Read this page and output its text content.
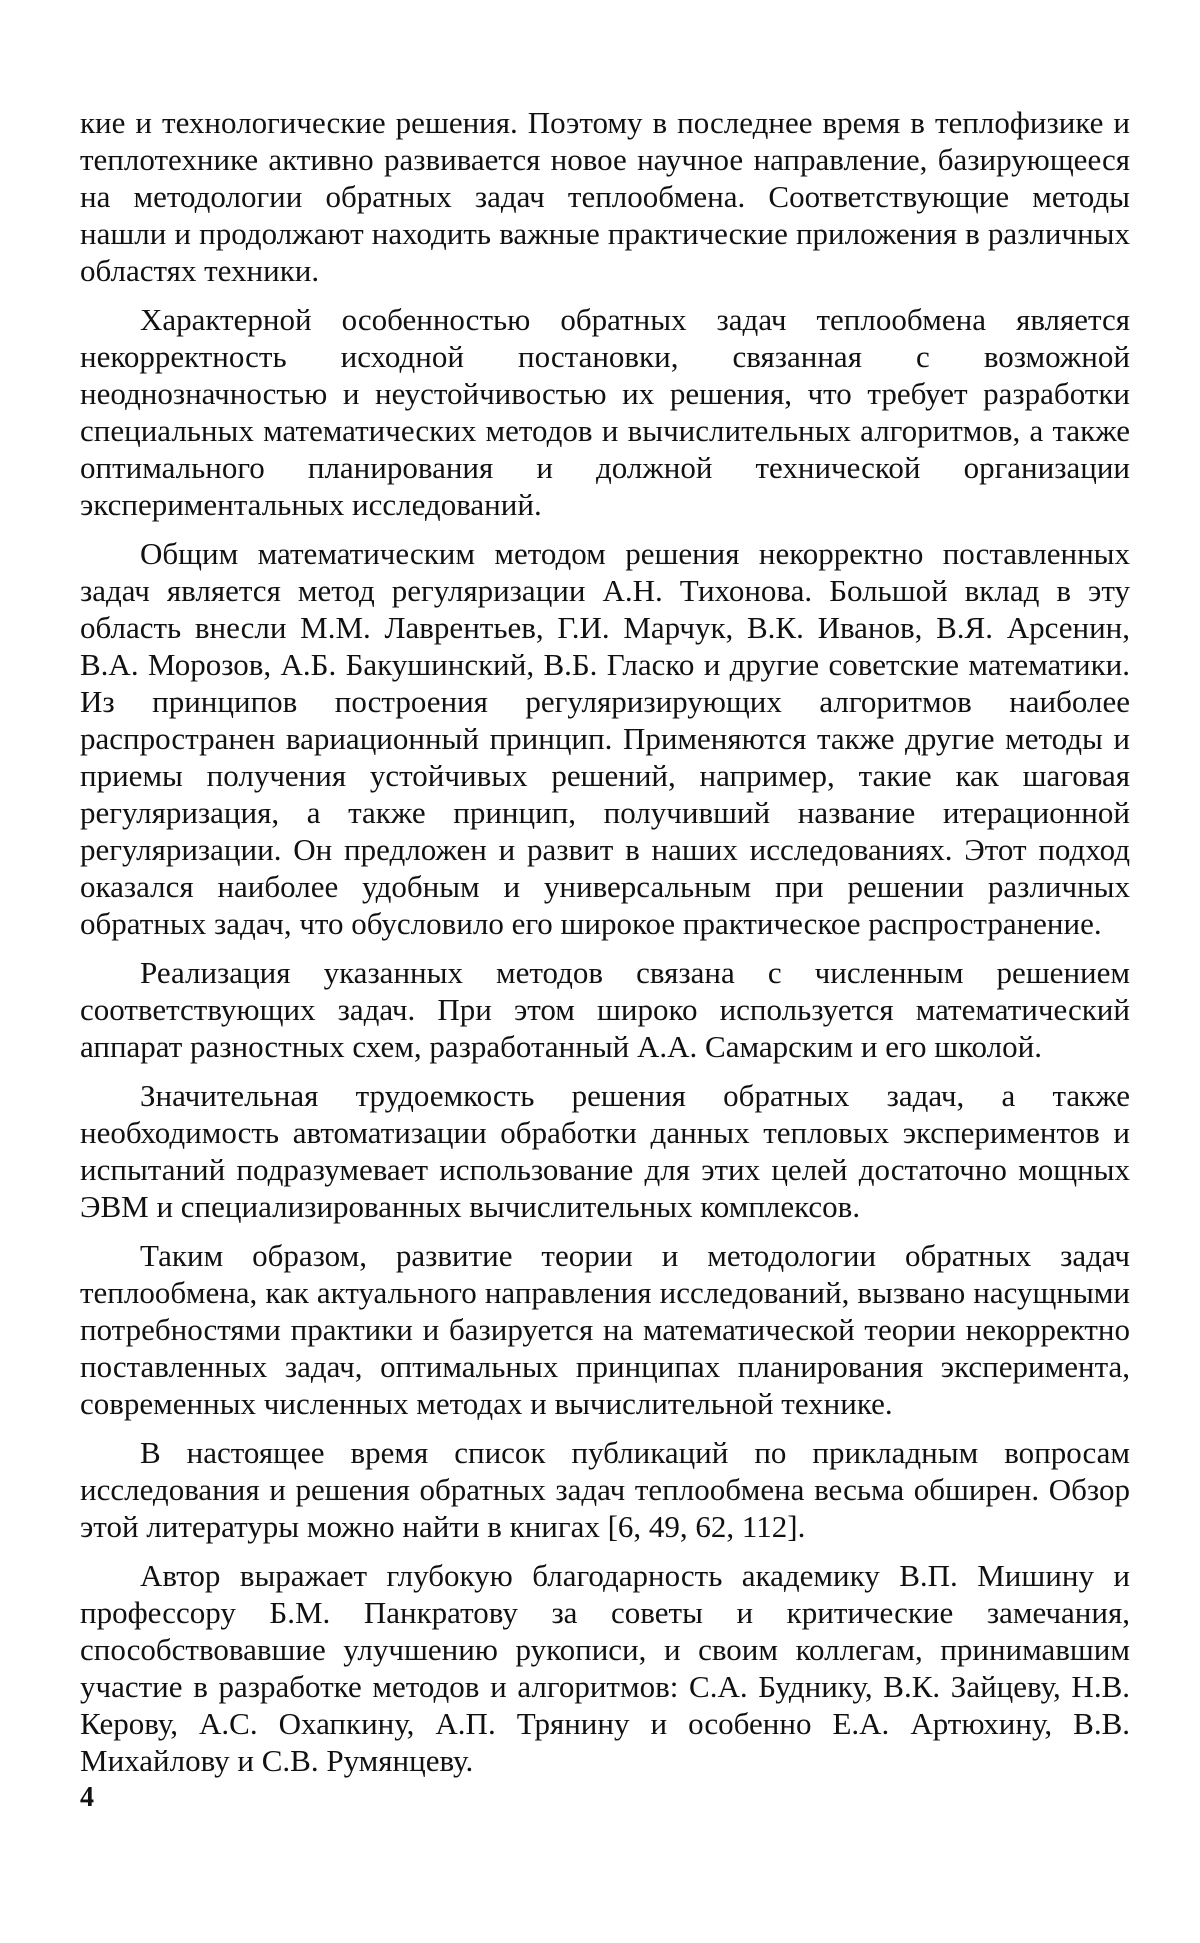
кие и технологические решения. Поэтому в последнее время в теплофизике и теплотехнике активно развивается новое научное направление, базирующееся на методологии обратных задач теплообмена. Соответствующие методы нашли и продолжают находить важные практические приложения в различных областях техники.

Характерной особенностью обратных задач теплообмена является некорректность исходной постановки, связанная с возможной неоднозначностью и неустойчивостью их решения, что требует разработки специальных математических методов и вычислительных алгоритмов, а также оптимального планирования и должной технической организации экспериментальных исследований.

Общим математическим методом решения некорректно поставленных задач является метод регуляризации А.Н. Тихонова. Большой вклад в эту область внесли М.М. Лаврентьев, Г.И. Марчук, В.К. Иванов, В.Я. Арсенин, В.А. Морозов, А.Б. Бакушинский, В.Б. Гласко и другие советские математики. Из принципов построения регуляризирующих алгоритмов наиболее распространен вариационный принцип. Применяются также другие методы и приемы получения устойчивых решений, например, такие как шаговая регуляризация, а также принцип, получивший название итерационной регуляризации. Он предложен и развит в наших исследованиях. Этот подход оказался наиболее удобным и универсальным при решении различных обратных задач, что обусловило его широкое практическое распространение.

Реализация указанных методов связана с численным решением соответствующих задач. При этом широко используется математический аппарат разностных схем, разработанный А.А. Самарским и его школой.

Значительная трудоемкость решения обратных задач, а также необходимость автоматизации обработки данных тепловых экспериментов и испытаний подразумевает использование для этих целей достаточно мощных ЭВМ и специализированных вычислительных комплексов.

Таким образом, развитие теории и методологии обратных задач теплообмена, как актуального направления исследований, вызвано насущными потребностями практики и базируется на математической теории некорректно поставленных задач, оптимальных принципах планирования эксперимента, современных численных методах и вычислительной технике.

В настоящее время список публикаций по прикладным вопросам исследования и решения обратных задач теплообмена весьма обширен. Обзор этой литературы можно найти в книгах [6, 49, 62, 112].

Автор выражает глубокую благодарность академику В.П. Мишину и профессору Б.М. Панкратову за советы и критические замечания, способствовавшие улучшению рукописи, и своим коллегам, принимавшим участие в разработке методов и алгоритмов: С.А. Буднику, В.К. Зайцеву, Н.В. Керову, А.С. Охапкину, А.П. Трянину и особенно Е.А. Артюхину, В.В. Михайлову и С.В. Румянцеву.

4
